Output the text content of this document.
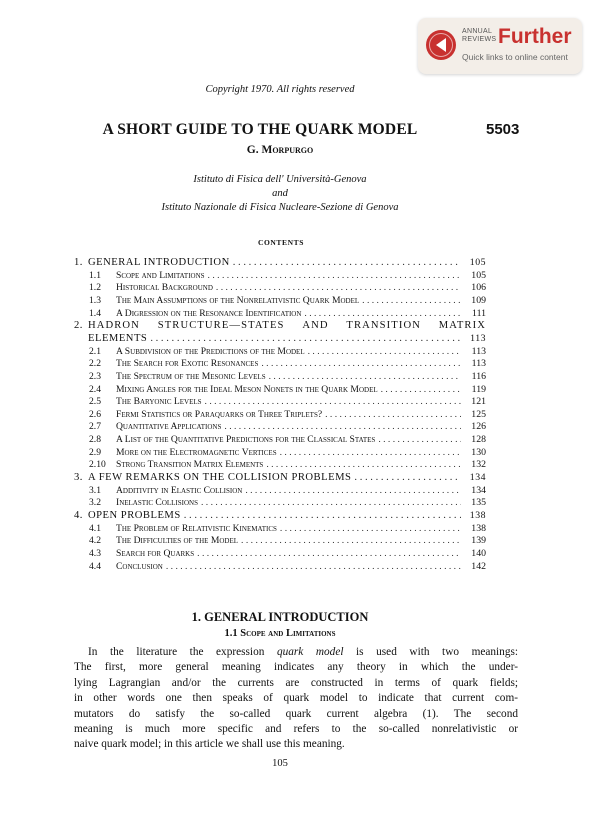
ANNUAL
REVIEWS Further
Quick links to online content
Copyright 1970. All rights reserved
A SHORT GUIDE TO THE QUARK MODEL	5503
G. Morpurgo
Istituto di Fisica dell' Università-Genova
and
Istituto Nazionale di Fisica Nucleare-Sezione di Genova
CONTENTS
1. GENERAL INTRODUCTION . . .	105
1.1	Scope and Limitations . . .	105
1.2	Historical Background . . .	106
1.3	The Main Assumptions of the Nonrelativistic Quark Model . . .	109
1.4	A Digression on the Resonance Identification . . .	111
2. HADRON STRUCTURE—STATES AND TRANSITION MATRIX
ELEMENTS . . .	113
2.1	A Subdivision of the Predictions of the Model . . .	113
2.2	The Search for Exotic Resonances . . .	113
2.3	The Spectrum of the Mesonic Levels . . .	116
2.4	Mixing Angles for the Ideal Meson Nonets in the Quark Model . . .	119
2.5	The Baryonic Levels . . .	121
2.6	Fermi Statistics or Paraquarks or Three Triplets? . . .	125
2.7	Quantitative Applications . . .	126
2.8	A List of the Quantitative Predictions for the Classical States . . .	128
2.9	More on the Electromagnetic Vertices . . .	130
2.10	Strong Transition Matrix Elements . . .	132
3. A FEW REMARKS ON THE COLLISION PROBLEMS . . .	134
3.1	Additivity in Elastic Collision . . .	134
3.2	Inelastic Collisions . . .	135
4. OPEN PROBLEMS . . .	138
4.1	The Problem of Relativistic Kinematics . . .	138
4.2	The Difficulties of the Model . . .	139
4.3	Search for Quarks . . .	140
4.4	Conclusion . . .	142
1. GENERAL INTRODUCTION
1.1 Scope and Limitations
In the literature the expression quark model is used with two meanings:
The first, more general meaning indicates any theory in which the under-
lying Lagrangian and/or the currents are constructed in terms of quark fields;
in other words one then speaks of quark model to indicate that current com-
mutators do satisfy the so-called quark current algebra (1). The second
meaning is much more specific and refers to the so-called nonrelativistic or
naive quark model; in this article we shall use this meaning.
105
